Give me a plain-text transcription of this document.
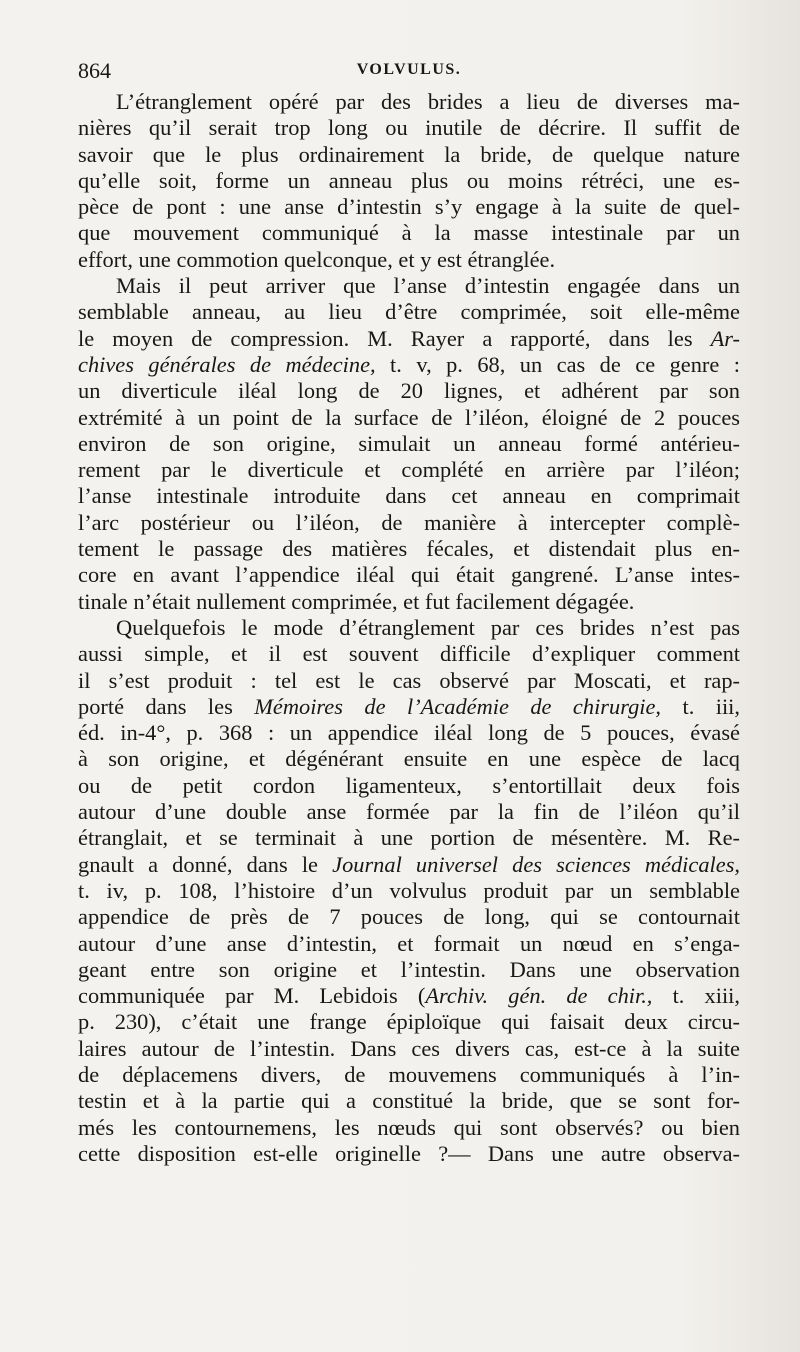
864	VOLVULUS.
L’étranglement opéré par des brides a lieu de diverses ma-
nières qu’il serait trop long ou inutile de décrire. Il suffit de
savoir que le plus ordinairement la bride, de quelque nature
qu’elle soit, forme un anneau plus ou moins rétréci, une es-
pèce de pont : une anse d’intestin s’y engage à la suite de quel-
que mouvement communiqué à la masse intestinale par un
effort, une commotion quelconque, et y est étranglée.
Mais il peut arriver que l’anse d’intestin engagée dans un
semblable anneau, au lieu d’être comprimée, soit elle-même
le moyen de compression. M. Rayer a rapporté, dans les Ar-
chives générales de médecine, t. v, p. 68, un cas de ce genre :
un diverticule iléal long de 20 lignes, et adhérent par son
extrémité à un point de la surface de l’iléon, éloigné de 2 pouces
environ de son origine, simulait un anneau formé antérieu-
rement par le diverticule et complété en arrière par l’iléon;
l’anse intestinale introduite dans cet anneau en comprimait
l’arc postérieur ou l’iléon, de manière à intercepter complè-
tement le passage des matières fécales, et distendait plus en-
core en avant l’appendice iléal qui était gangrené. L’anse intes-
tinale n’était nullement comprimée, et fut facilement dégagée.
Quelquefois le mode d’étranglement par ces brides n’est pas
aussi simple, et il est souvent difficile d’expliquer comment
il s’est produit : tel est le cas observé par Moscati, et rap-
porté dans les Mémoires de l’Académie de chirurgie, t. iii,
éd. in-4°, p. 368 : un appendice iléal long de 5 pouces, évasé
à son origine, et dégénérant ensuite en une espèce de lacq
ou de petit cordon ligamenteux, s’entortillait deux fois
autour d’une double anse formée par la fin de l’iléon qu’il
étranglait, et se terminait à une portion de mésentère. M. Re-
gnault a donné, dans le Journal universel des sciences médicales,
t. iv, p. 108, l’histoire d’un volvulus produit par un semblable
appendice de près de 7 pouces de long, qui se contournait
autour d’une anse d’intestin, et formait un nœud en s’enga-
geant entre son origine et l’intestin. Dans une observation
communiquée par M. Lebidois (Archiv. gén. de chir., t. xiii,
p. 230), c’était une frange épiploïque qui faisait deux circu-
laires autour de l’intestin. Dans ces divers cas, est-ce à la suite
de déplacemens divers, de mouvemens communiqués à l’in-
testin et à la partie qui a constitué la bride, que se sont for-
més les contournemens, les nœuds qui sont observés? ou bien
cette disposition est-elle originelle ?— Dans une autre observa-
